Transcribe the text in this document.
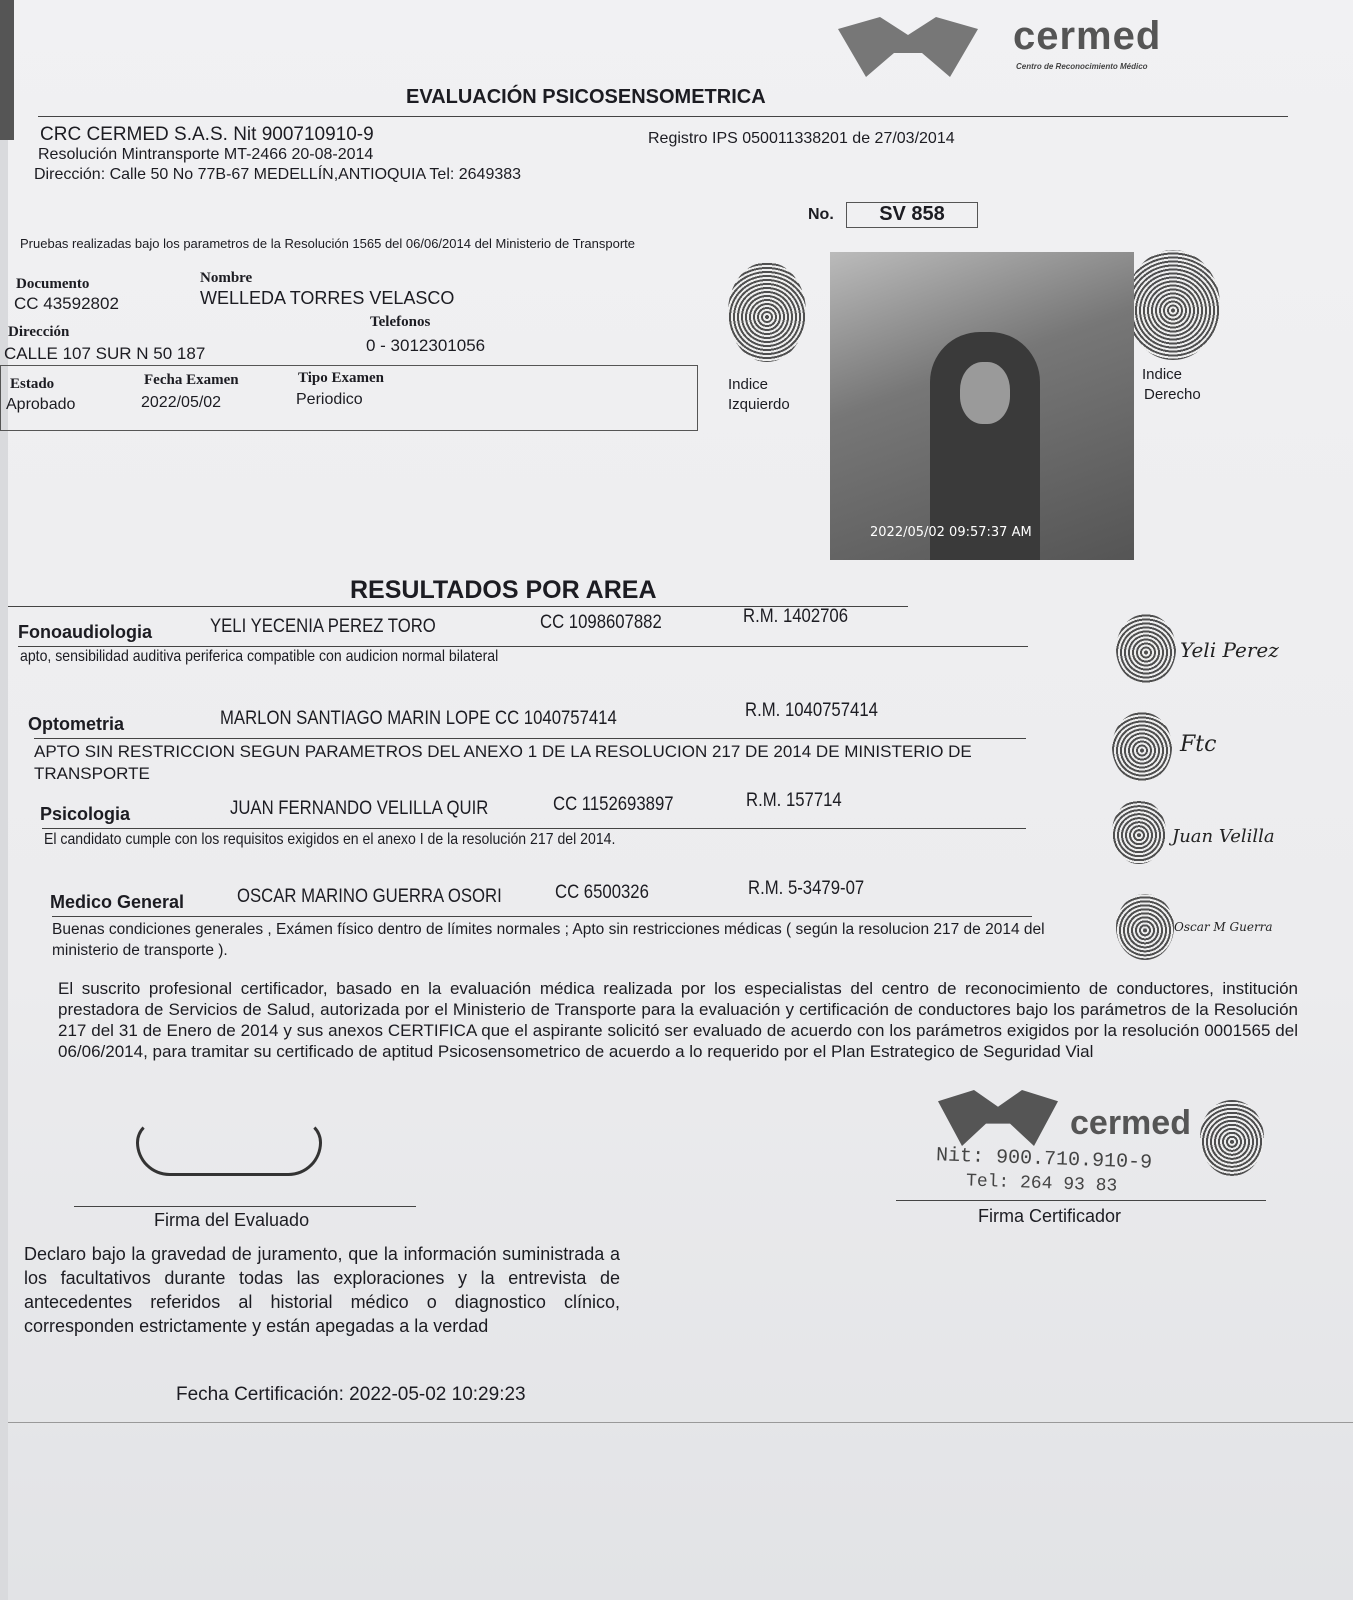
cermed
Centro de Reconocimiento Médico
EVALUACIÓN PSICOSENSOMETRICA
CRC CERMED S.A.S. Nit 900710910-9
Resolución Mintransporte MT-2466 20-08-2014
Registro IPS 050011338201 de 27/03/2014
Dirección: Calle 50 No 77B-67 MEDELLÍN,ANTIOQUIA Tel: 2649383
No.	SV 858
Pruebas realizadas bajo los parametros de la Resolución 1565 del 06/06/2014 del Ministerio de Transporte
Documento
CC 43592802
Nombre
WELLEDA TORRES VELASCO
Dirección
CALLE 107 SUR N 50 187
Telefonos
0 - 3012301056
Estado
Aprobado
Fecha Examen
2022/05/02
Tipo Examen
Periodico
Indice
Izquierdo
Indice
Derecho
2022/05/02 09:57:37 AM
RESULTADOS POR AREA
Fonoaudiologia	YELI YECENIA PEREZ TORO	CC 1098607882	R.M. 1402706
apto, sensibilidad auditiva periferica compatible con audicion normal bilateral	Yeli Perez
Optometria	MARLON SANTIAGO MARIN LOPE CC 1040757414	R.M. 1040757414
APTO SIN RESTRICCION SEGUN PARAMETROS DEL ANEXO 1 DE LA RESOLUCION 217 DE 2014 DE MINISTERIO DE TRANSPORTE
Ftc
Psicologia	JUAN FERNANDO VELILLA QUIR	CC 1152693897	R.M. 157714
El candidato cumple con los requisitos exigidos en el anexo I de la resolución 217 del 2014.	Juan Velilla
Medico General	OSCAR MARINO GUERRA OSORI	CC 6500326	R.M. 5-3479-07
Buenas condiciones generales , Exámen físico dentro de límites normales ; Apto sin restricciones médicas ( según la resolucion 217 de 2014 del ministerio de transporte ).
Oscar M Guerra
El suscrito profesional certificador, basado en la evaluación médica realizada por los especialistas del centro de reconocimiento de conductores, institución prestadora de Servicios de Salud, autorizada por el Ministerio de Transporte para la evaluación y certificación de conductores bajo los parámetros de la Resolución 217 del 31 de Enero de 2014 y sus anexos CERTIFICA que el aspirante solicitó ser evaluado de acuerdo con los parámetros exigidos por la resolución 0001565 del 06/06/2014, para tramitar su certificado de aptitud Psicosensometrico de acuerdo a lo requerido por el Plan Estrategico de Seguridad Vial
Firma del Evaluado
cermed
Nit: 900.710.910-9
Tel: 264 93 83
Firma Certificador
Declaro bajo la gravedad de juramento, que la información suministrada a los facultativos durante todas las exploraciones y la entrevista de antecedentes referidos al historial médico o diagnostico clínico, corresponden estrictamente y están apegadas a la verdad
Fecha Certificación: 2022-05-02 10:29:23
